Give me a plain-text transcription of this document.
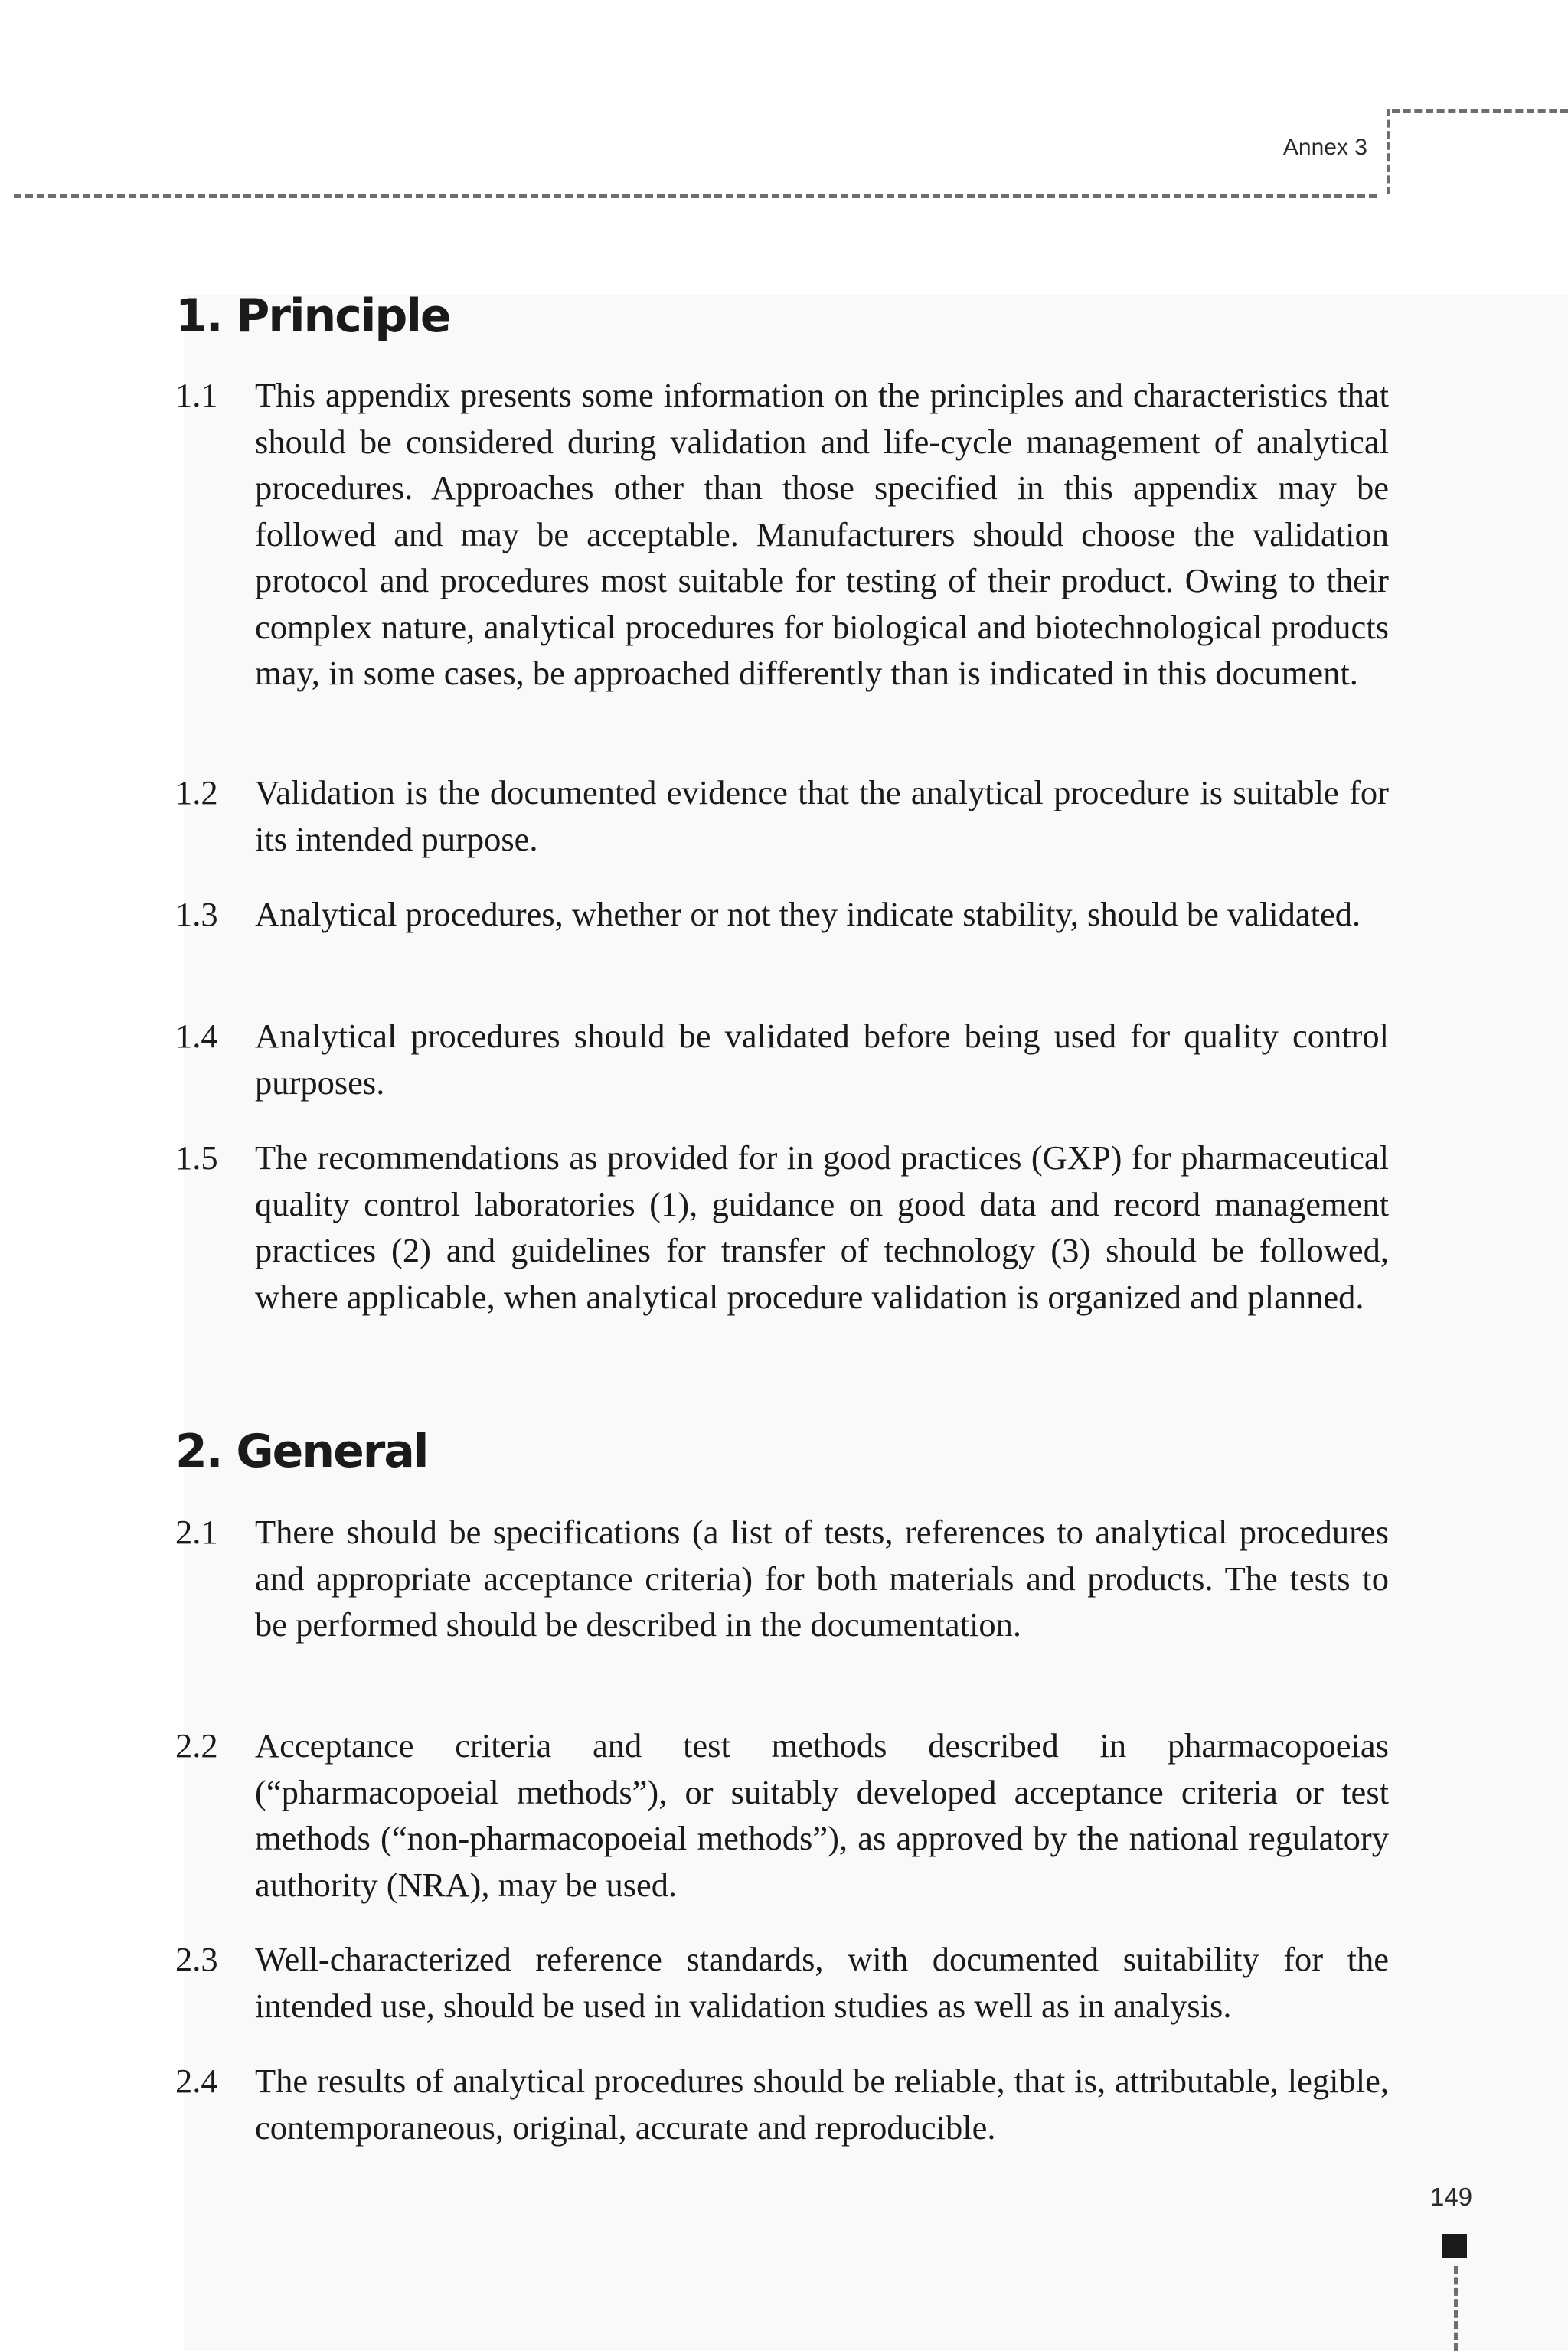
Annex 3
1. Principle
1.1	This appendix presents some information on the principles and characteristics that should be considered during validation and life-cycle management of analytical procedures. Approaches other than those specified in this appendix may be followed and may be acceptable. Manufacturers should choose the validation protocol and procedures most suitable for testing of their product. Owing to their complex nature, analytical procedures for biological and biotechnological products may, in some cases, be approached differently than is indicated in this document.
1.2	Validation is the documented evidence that the analytical procedure is suitable for its intended purpose.
1.3	Analytical procedures, whether or not they indicate stability, should be validated.
1.4	Analytical procedures should be validated before being used for quality control purposes.
1.5	The recommendations as provided for in good practices (GXP) for pharmaceutical quality control laboratories (1), guidance on good data and record management practices (2) and guidelines for transfer of technology (3) should be followed, where applicable, when analytical procedure validation is organized and planned.
2. General
2.1	There should be specifications (a list of tests, references to analytical procedures and appropriate acceptance criteria) for both materials and products. The tests to be performed should be described in the documentation.
2.2	Acceptance criteria and test methods described in pharmacopoeias (“pharmacopoeial methods”), or suitably developed acceptance criteria or test methods (“non-pharmacopoeial methods”), as approved by the national regulatory authority (NRA), may be used.
2.3	Well-characterized reference standards, with documented suitability for the intended use, should be used in validation studies as well as in analysis.
2.4	The results of analytical procedures should be reliable, that is, attributable, legible, contemporaneous, original, accurate and reproducible.
149
